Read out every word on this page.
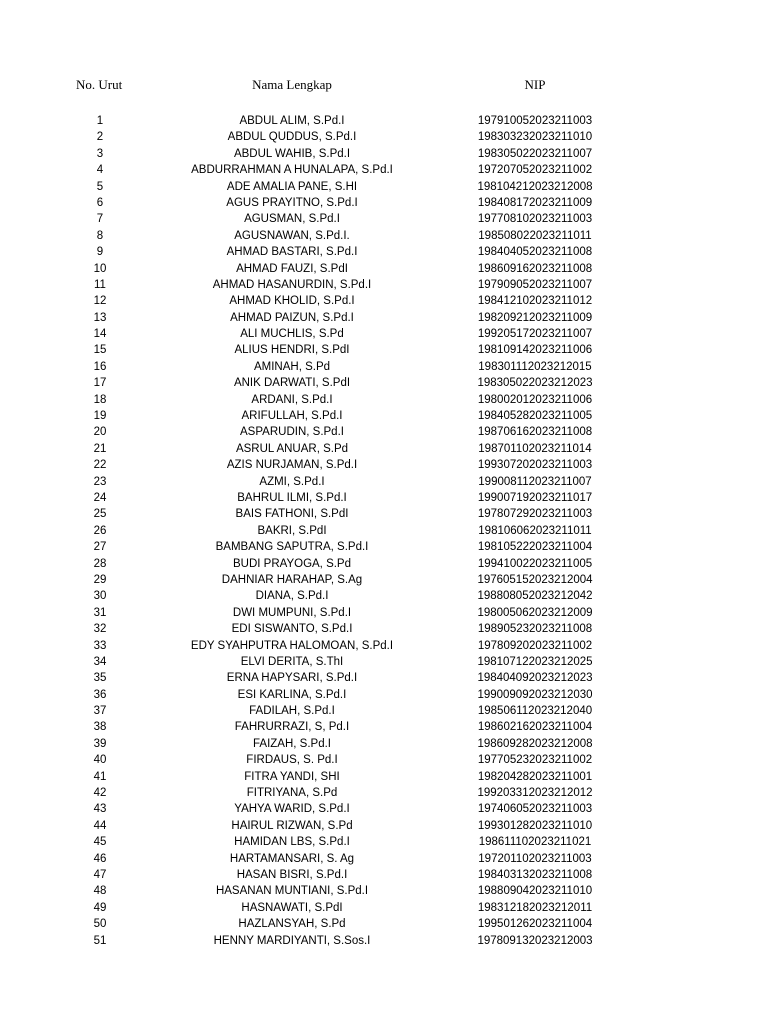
No. Urut	Nama Lengkap	NIP
1	ABDUL ALIM, S.Pd.I	197910052023211003
2	ABDUL QUDDUS, S.Pd.I	198303232023211010
3	ABDUL WAHIB, S.Pd.I	198305022023211007
4	ABDURRAHMAN A HUNALAPA, S.Pd.I	197207052023211002
5	ADE AMALIA PANE, S.HI	198104212023212008
6	AGUS PRAYITNO, S.Pd.I	198408172023211009
7	AGUSMAN, S.Pd.I	197708102023211003
8	AGUSNAWAN, S.Pd.I.	198508022023211011
9	AHMAD BASTARI, S.Pd.I	198404052023211008
10	AHMAD FAUZI, S.PdI	198609162023211008
11	AHMAD HASANURDIN, S.Pd.I	197909052023211007
12	AHMAD KHOLID, S.Pd.I	198412102023211012
13	AHMAD PAIZUN, S.Pd.I	198209212023211009
14	ALI MUCHLIS, S.Pd	199205172023211007
15	ALIUS HENDRI, S.PdI	198109142023211006
16	AMINAH, S.Pd	198301112023212015
17	ANIK DARWATI, S.PdI	198305022023212023
18	ARDANI, S.Pd.I	198002012023211006
19	ARIFULLAH, S.Pd.I	198405282023211005
20	ASPARUDIN, S.Pd.I	198706162023211008
21	ASRUL ANUAR, S.Pd	198701102023211014
22	AZIS NURJAMAN, S.Pd.I	199307202023211003
23	AZMI, S.Pd.I	199008112023211007
24	BAHRUL ILMI, S.Pd.I	199007192023211017
25	BAIS FATHONI, S.PdI	197807292023211003
26	BAKRI, S.PdI	198106062023211011
27	BAMBANG SAPUTRA, S.Pd.I	198105222023211004
28	BUDI PRAYOGA, S.Pd	199410022023211005
29	DAHNIAR HARAHAP, S.Ag	197605152023212004
30	DIANA, S.Pd.I	198808052023212042
31	DWI MUMPUNI, S.Pd.I	198005062023212009
32	EDI SISWANTO, S.Pd.I	198905232023211008
33	EDY SYAHPUTRA HALOMOAN, S.Pd.I	197809202023211002
34	ELVI DERITA, S.ThI	198107122023212025
35	ERNA HAPYSARI, S.Pd.I	198404092023212023
36	ESI KARLINA, S.Pd.I	199009092023212030
37	FADILAH, S.Pd.I	198506112023212040
38	FAHRURRAZI, S, Pd.I	198602162023211004
39	FAIZAH, S.Pd.I	198609282023212008
40	FIRDAUS, S. Pd.I	197705232023211002
41	FITRA YANDI, SHI	198204282023211001
42	FITRIYANA, S.Pd	199203312023212012
43	YAHYA WARID, S.Pd.I	197406052023211003
44	HAIRUL RIZWAN, S.Pd	199301282023211010
45	HAMIDAN LBS, S.Pd.I	198611102023211021
46	HARTAMANSARI, S. Ag	197201102023211003
47	HASAN BISRI, S.Pd.I	198403132023211008
48	HASANAN MUNTIANI, S.Pd.I	198809042023211010
49	HASNAWATI, S.PdI	198312182023212011
50	HAZLANSYAH, S.Pd	199501262023211004
51	HENNY MARDIYANTI, S.Sos.I	197809132023212003
